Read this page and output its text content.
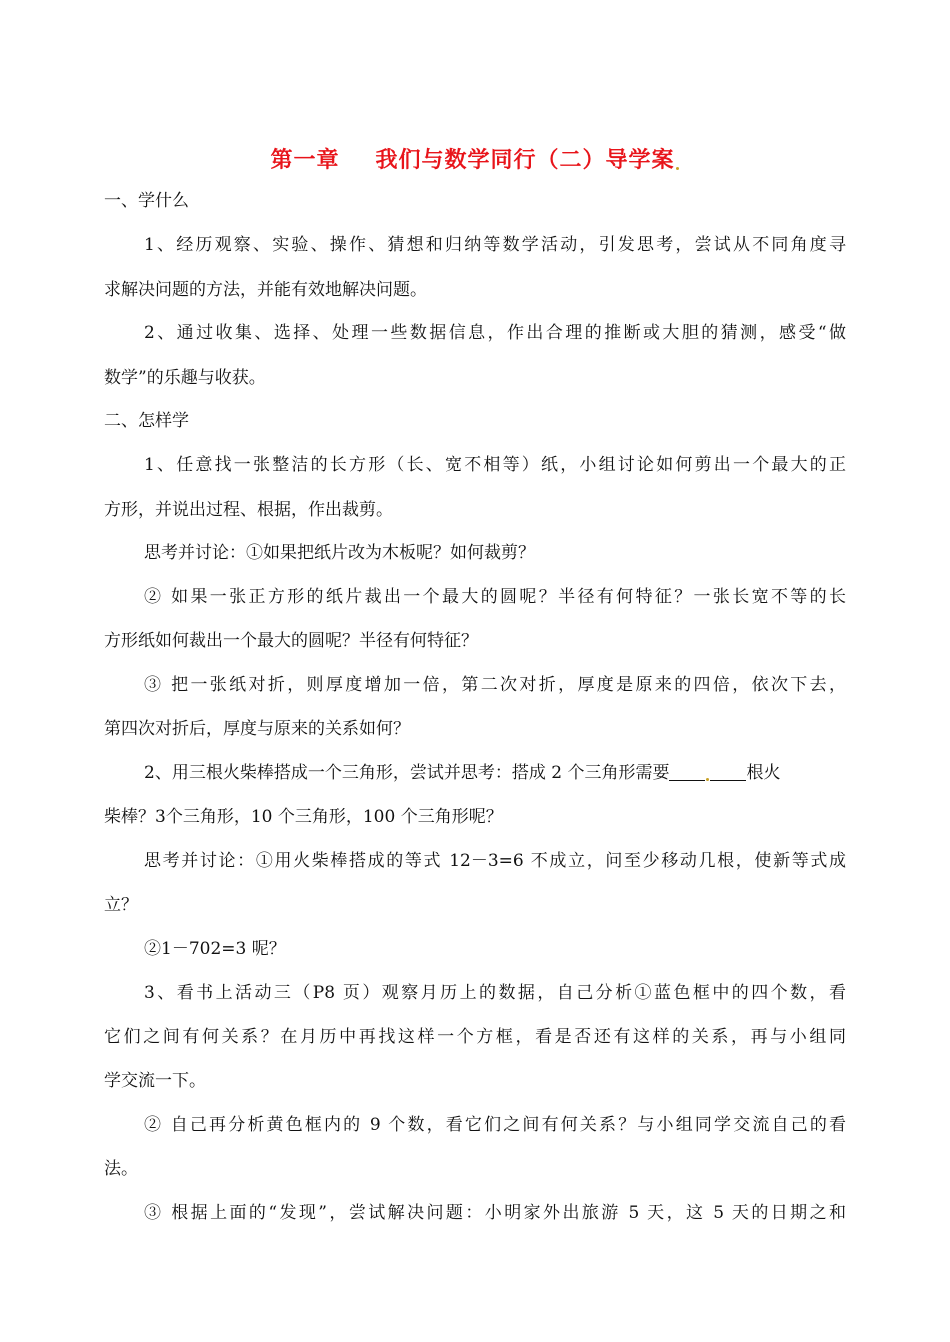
第一章 我们与数学同行（二）导学案
一、学什么
1、经历观察、实验、操作、猜想和归纳等数学活动，引发思考，尝试从不同角度寻
求解决问题的方法，并能有效地解决问题。
2、通过收集、选择、处理一些数据信息，作出合理的推断或大胆的猜测，感受“做
数学”的乐趣与收获。
二、怎样学
1、任意找一张整洁的长方形（长、宽不相等）纸，小组讨论如何剪出一个最大的正
方形，并说出过程、根据，作出裁剪。
思考并讨论：①如果把纸片改为木板呢？如何裁剪？
② 如果一张正方形的纸片裁出一个最大的圆呢？半径有何特征？一张长宽不等的长
方形纸如何裁出一个最大的圆呢？半径有何特征？
③ 把一张纸对折，则厚度增加一倍，第二次对折，厚度是原来的四倍，依次下去，
第四次对折后，厚度与原来的关系如何？
2、用三根火柴棒搭成一个三角形，尝试并思考：搭成 2 个三角形需要	根火
柴棒？3个三角形，10 个三角形，100 个三角形呢？
思考并讨论：①用火柴棒搭成的等式 12－3=6 不成立，问至少移动几根，使新等式成
立？
②1－702=3 呢？
3、看书上活动三（P8 页）观察月历上的数据，自己分析①蓝色框中的四个数，看
它们之间有何关系？在月历中再找这样一个方框，看是否还有这样的关系，再与小组同
学交流一下。
② 自己再分析黄色框内的 9 个数，看它们之间有何关系？与小组同学交流自己的看
法。
③ 根据上面的“发现”，尝试解决问题：小明家外出旅游 5 天，这 5 天的日期之和
